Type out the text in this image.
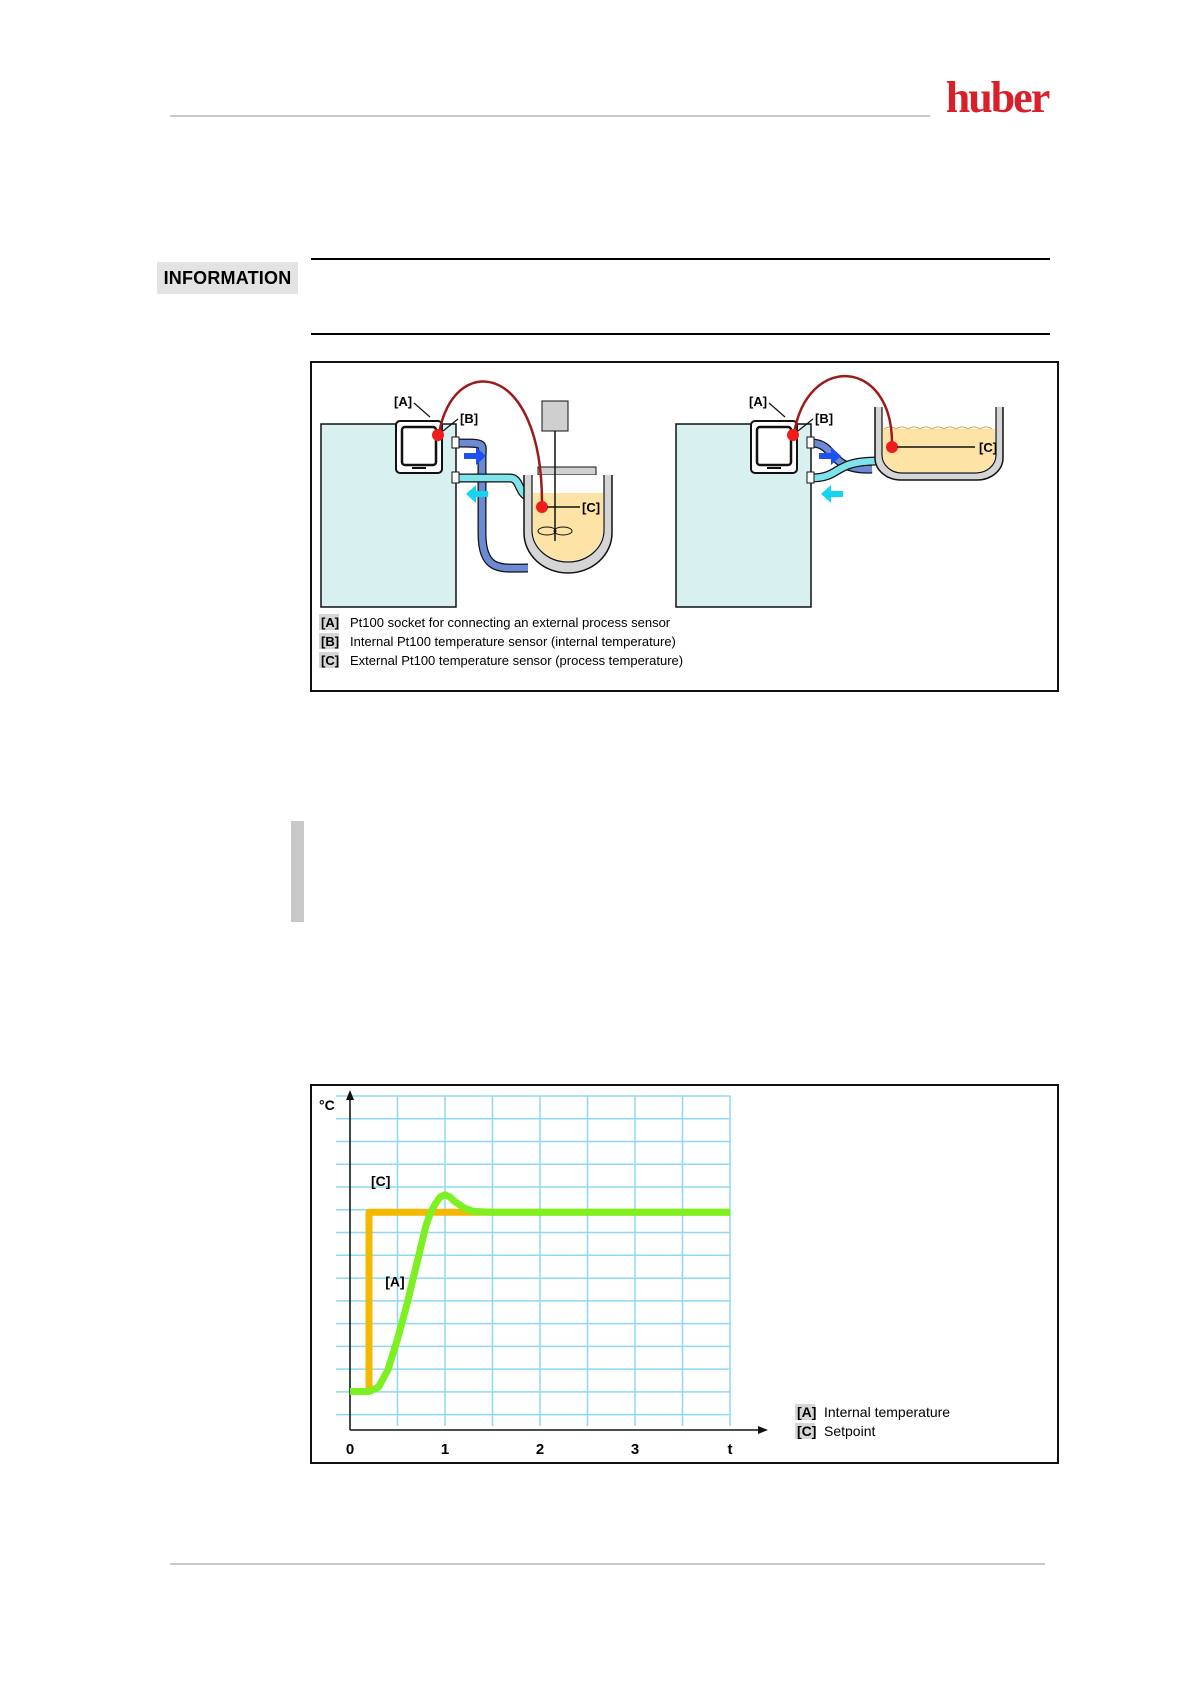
huber
INFORMATION
[A]
[B]
[C]
[A]
[B]
[C]
[A] Pt100 socket for connecting an external process sensor
[B] Internal Pt100 temperature sensor (internal temperature)
[C] External Pt100 temperature sensor (process temperature)
°C
0	1	2	3	t
[C]
[A]
[A] Internal temperature
[C] Setpoint
